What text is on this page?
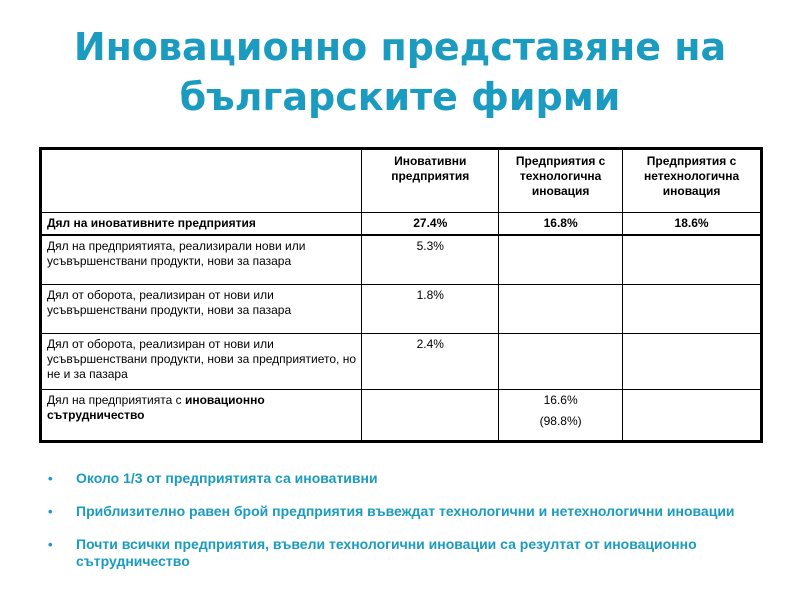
Иновационно представяне на
българските фирми
	Иновативни предприятия	Предприятия с технологична иновация	Предприятия с нетехнологична иновация
Дял на иновативните предприятия	27.4%	16.8%	18.6%
Дял на предприятията, реализирали нови или усъвършенствани продукти, нови за пазара	5.3%		
Дял от оборота, реализиран от нови или усъвършенствани продукти, нови за пазара	1.8%		
Дял от оборота, реализиран от нови или усъвършенствани продукти, нови за предприятието, но не и за пазара	2.4%		
Дял на предприятията с иновационно сътрудничество		16.6%
(98.8%)	

• Около 1/3 от предприятията са иновативни
• Приблизително равен брой предприятия въвеждат технологични и нетехнологични иновации
• Почти всички предприятия, въвели технологични иновации са резултат от иновационно сътрудничество
